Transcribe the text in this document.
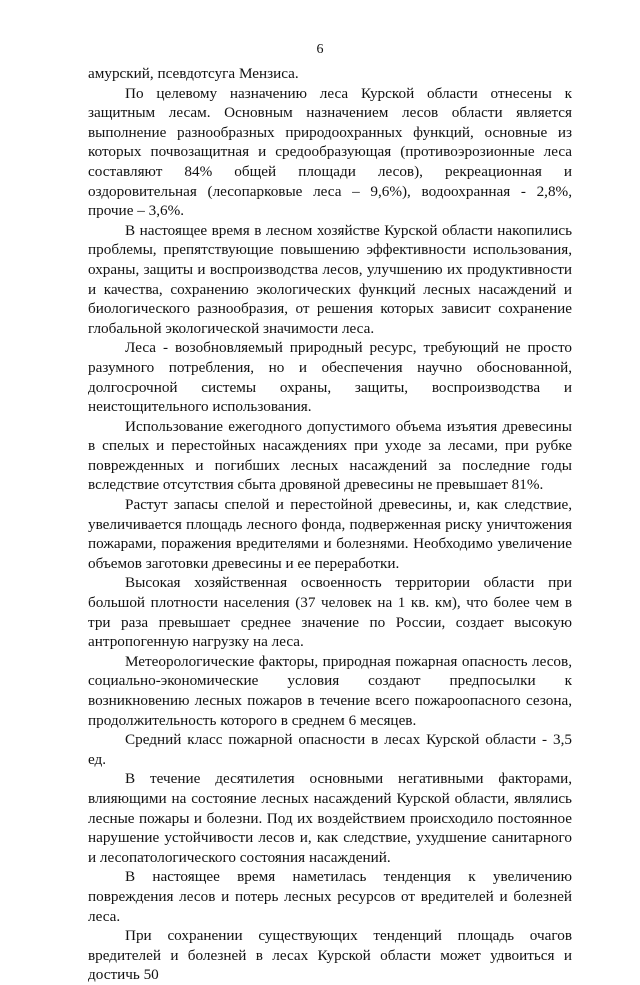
6

амурский, псевдотсуга Мензиса.

По целевому назначению леса Курской области отнесены к защитным лесам. Основным назначением лесов области является выполнение разнообразных природоохранных функций, основные из которых почвозащитная и средообразующая (противоэрозионные леса составляют 84% общей площади лесов), рекреационная и оздоровительная (лесопарковые леса – 9,6%), водоохранная - 2,8%, прочие – 3,6%.

В настоящее время в лесном хозяйстве Курской области накопились проблемы, препятствующие повышению эффективности использования, охраны, защиты и воспроизводства лесов, улучшению их продуктивности и качества, сохранению экологических функций лесных насаждений и биологического разнообразия, от решения которых зависит сохранение глобальной экологической значимости леса.

Леса - возобновляемый природный ресурс, требующий не просто разумного потребления, но и обеспечения научно обоснованной, долгосрочной системы охраны, защиты, воспроизводства и неистощительного использования.

Использование ежегодного допустимого объема изъятия древесины в спелых и перестойных насаждениях при уходе за лесами, при рубке поврежденных и погибших лесных насаждений за последние годы вследствие отсутствия сбыта дровяной древесины не превышает 81%.

Растут запасы спелой и перестойной древесины, и, как следствие, увеличивается площадь лесного фонда, подверженная риску уничтожения пожарами, поражения вредителями и болезнями. Необходимо увеличение объемов заготовки древесины и ее переработки.

Высокая хозяйственная освоенность территории области при большой плотности населения (37 человек на 1 кв. км), что более чем в три раза превышает среднее значение по России, создает высокую антропогенную нагрузку на леса.

Метеорологические факторы, природная пожарная опасность лесов, социально-экономические условия создают предпосылки к возникновению лесных пожаров в течение всего пожароопасного сезона, продолжительность которого в среднем 6 месяцев.

Средний класс пожарной опасности в лесах Курской области - 3,5 ед.

В течение десятилетия основными негативными факторами, влияющими на состояние лесных насаждений Курской области, являлись лесные пожары и болезни. Под их воздействием происходило постоянное нарушение устойчивости лесов и, как следствие, ухудшение санитарного и лесопатологического состояния насаждений.

В настоящее время наметилась тенденция к увеличению повреждения лесов и потерь лесных ресурсов от вредителей и болезней леса.

При сохранении существующих тенденций площадь очагов вредителей и болезней в лесах Курской области может удвоиться и достичь 50
